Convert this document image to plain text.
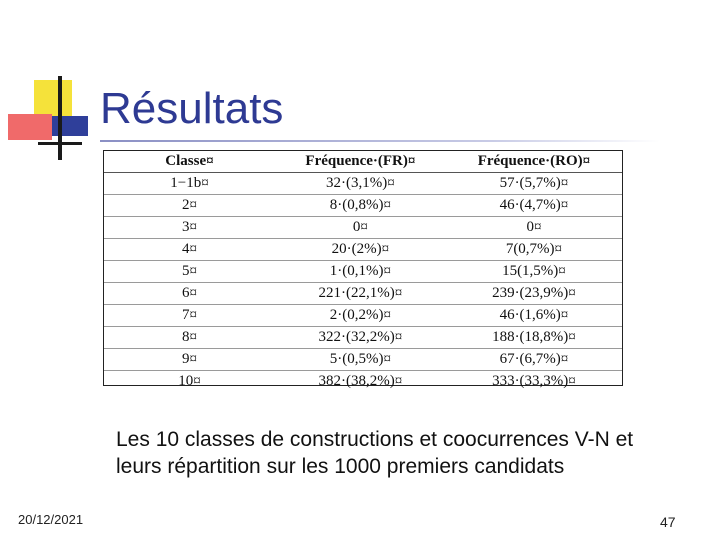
Résultats
Classe¤	Fréquence·(FR)¤	Fréquence·(RO)¤
1−1b¤	32·(3,1%)¤	57·(5,7%)¤
2¤	8·(0,8%)¤	46·(4,7%)¤
3¤	0¤	0¤
4¤	20·(2%)¤	7(0,7%)¤
5¤	1·(0,1%)¤	15(1,5%)¤
6¤	221·(22,1%)¤	239·(23,9%)¤
7¤	2·(0,2%)¤	46·(1,6%)¤
8¤	322·(32,2%)¤	188·(18,8%)¤
9¤	5·(0,5%)¤	67·(6,7%)¤
10¤	382·(38,2%)¤	333·(33,3%)¤
Les 10 classes de constructions et coocurrences V-N et leurs répartition sur les 1000 premiers candidats
20/12/2021	47
